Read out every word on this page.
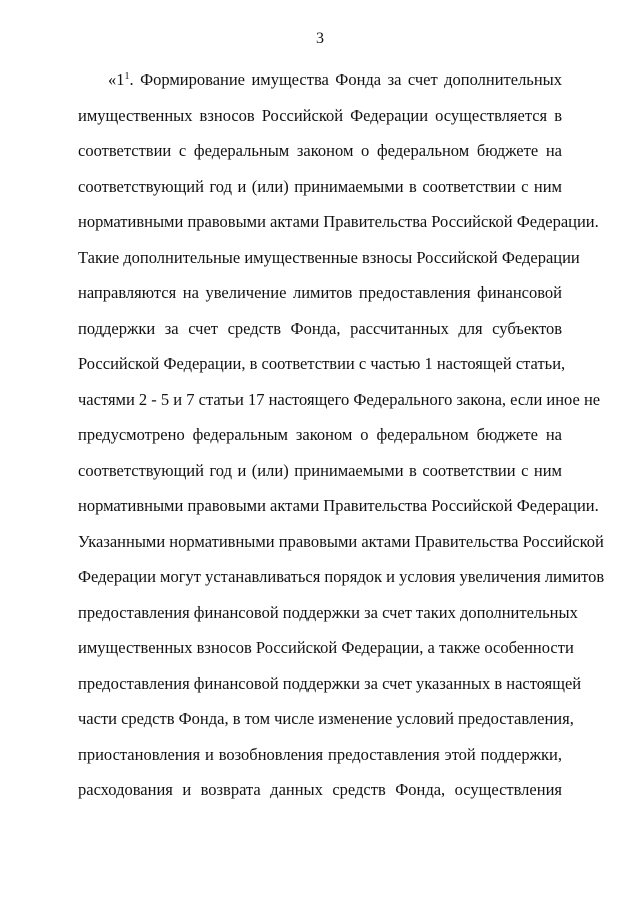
3
«$1^1$. Формирование имущества Фонда за счет дополнительных
имущественных взносов Российской Федерации осуществляется в
соответствии с федеральным законом о федеральном бюджете на
соответствующий год и (или) принимаемыми в соответствии с ним
нормативными правовыми актами Правительства Российской Федерации.
Такие дополнительные имущественные взносы Российской Федерации
направляются на увеличение лимитов предоставления финансовой
поддержки за счет средств Фонда, рассчитанных для субъектов
Российской Федерации, в соответствии с частью 1 настоящей статьи,
частями 2 - 5 и 7 статьи 17 настоящего Федерального закона, если иное не
предусмотрено федеральным законом о федеральном бюджете на
соответствующий год и (или) принимаемыми в соответствии с ним
нормативными правовыми актами Правительства Российской Федерации.
Указанными нормативными правовыми актами Правительства Российской
Федерации могут устанавливаться порядок и условия увеличения лимитов
предоставления финансовой поддержки за счет таких дополнительных
имущественных взносов Российской Федерации, а также особенности
предоставления финансовой поддержки за счет указанных в настоящей
части средств Фонда, в том числе изменение условий предоставления,
приостановления и возобновления предоставления этой поддержки,
расходования и возврата данных средств Фонда, осуществления
